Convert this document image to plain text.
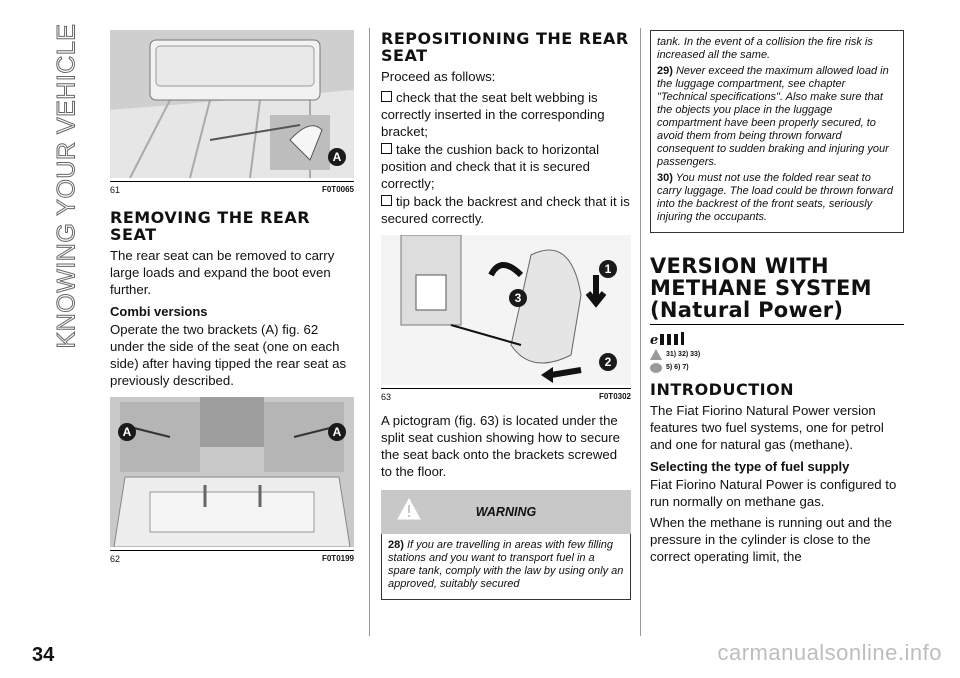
KNOWING YOUR VEHICLE
34	carmanualsonline.info
A
61	F0T0065
REMOVING THE REAR SEAT

The rear seat can be removed to carry large loads and expand the boot even further.

Combi versions

Operate the two brackets (A) fig. 62 under the side of the seat (one on each side) after having tipped the rear seat as previously described.

A	A
62	F0T0199
REPOSITIONING THE REAR SEAT

Proceed as follows:

check that the seat belt webbing is correctly inserted in the corresponding bracket;
take the cushion back to horizontal position and check that it is secured correctly;
tip back the backrest and check that it is secured correctly.
1
2
3
63	F0T0302

A pictogram (fig. 63) is located under the split seat cushion showing how to secure the seat back onto the brackets screwed to the floor.

WARNING

28) If you are travelling in areas with few filling stations and you want to transport fuel in a spare tank, comply with the law by using only an approved, suitably secured

tank. In the event of a collision the fire risk is increased all the same.

29) Never exceed the maximum allowed load in the luggage compartment, see chapter "Technical specifications". Also make sure that the objects you place in the luggage compartment have been properly secured, to avoid them from being thrown forward consequent to sudden braking and injuring your passengers.

30) You must not use the folded rear seat to carry luggage. The load could be thrown forward into the backrest of the front seats, seriously injuring the occupants.

VERSION WITH
METHANE SYSTEM
(Natural Power)
e
31) 32) 33)
5) 6) 7)
INTRODUCTION

The Fiat Fiorino Natural Power version features two fuel systems, one for petrol and one for natural gas (methane).

Selecting the type of fuel supply

Fiat Fiorino Natural Power is configured to run normally on methane gas.

When the methane is running out and the pressure in the cylinder is close to the correct operating limit, the
